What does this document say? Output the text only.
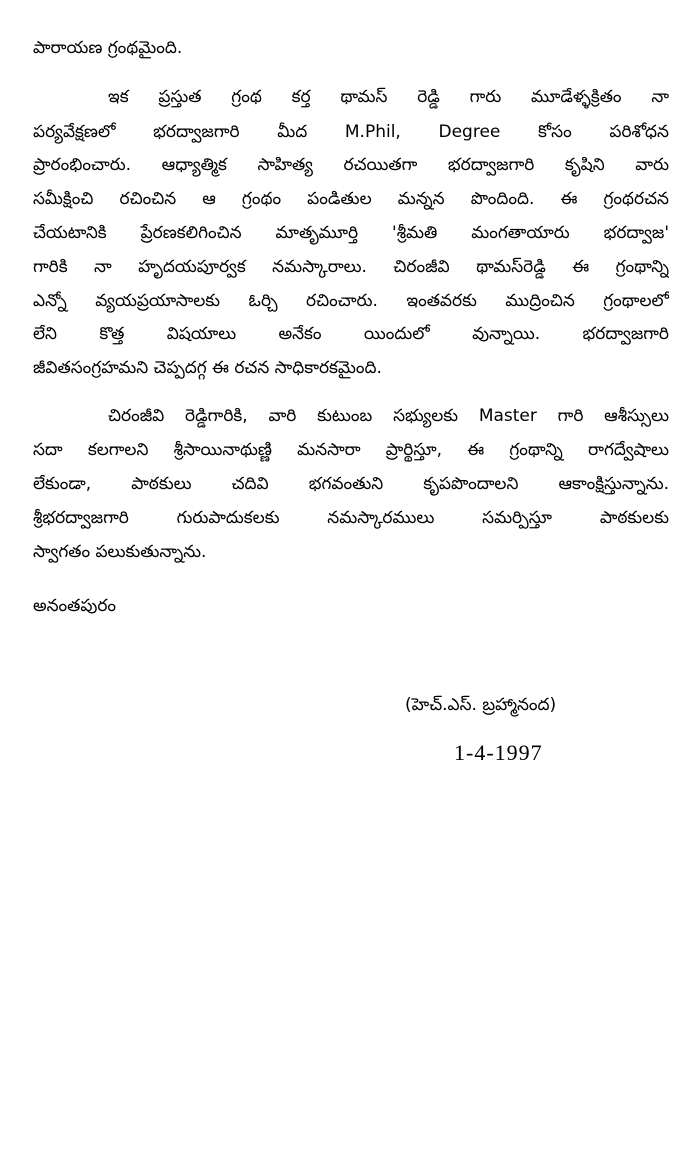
పారాయణ గ్రంథమైంది.
ఇక ప్రస్తుత గ్రంథ కర్త థామస్ రెడ్డి గారు మూడేళ్ళక్రితం నా
పర్యవేక్షణలో భరద్వాజగారి మీద M.Phil, Degree కోసం పరిశోధన
ప్రారంభించారు. ఆధ్యాత్మిక సాహిత్య రచయితగా భరద్వాజగారి కృషిని వారు
సమీక్షించి రచించిన ఆ గ్రంథం పండితుల మన్నన పొందింది. ఈ గ్రంథరచన
చేయటానికి ప్రేరణకలిగించిన మాతృమూర్తి 'శ్రీమతి మంగతాయారు భరద్వాజ'
గారికి నా హృదయపూర్వక నమస్కారాలు. చిరంజీవి థామస్‌రెడ్డి ఈ గ్రంథాన్ని
ఎన్నో వ్యయప్రయాసాలకు ఓర్చి రచించారు. ఇంతవరకు ముద్రించిన గ్రంథాలలో
లేని కొత్త విషయాలు అనేకం యిందులో వున్నాయి. భరద్వాజగారి
జీవితసంగ్రహమని చెప్పదగ్గ ఈ రచన సాధికారకమైంది.
చిరంజీవి రెడ్డిగారికి, వారి కుటుంబ సభ్యులకు Master గారి ఆశీస్సులు
సదా కలగాలని శ్రీసాయినాథుణ్ణి మనసారా ప్రార్థిస్తూ, ఈ గ్రంథాన్ని రాగద్వేషాలు
లేకుండా, పాఠకులు చదివి భగవంతుని కృపపొందాలని ఆకాంక్షిస్తున్నాను.
శ్రీభరద్వాజగారి గురుపాదుకలకు నమస్కారములు సమర్పిస్తూ పాఠకులకు
స్వాగతం పలుకుతున్నాను.
అనంతపురం
(హెచ్.ఎస్. బ్రహ్మానంద)
1-4-1997
